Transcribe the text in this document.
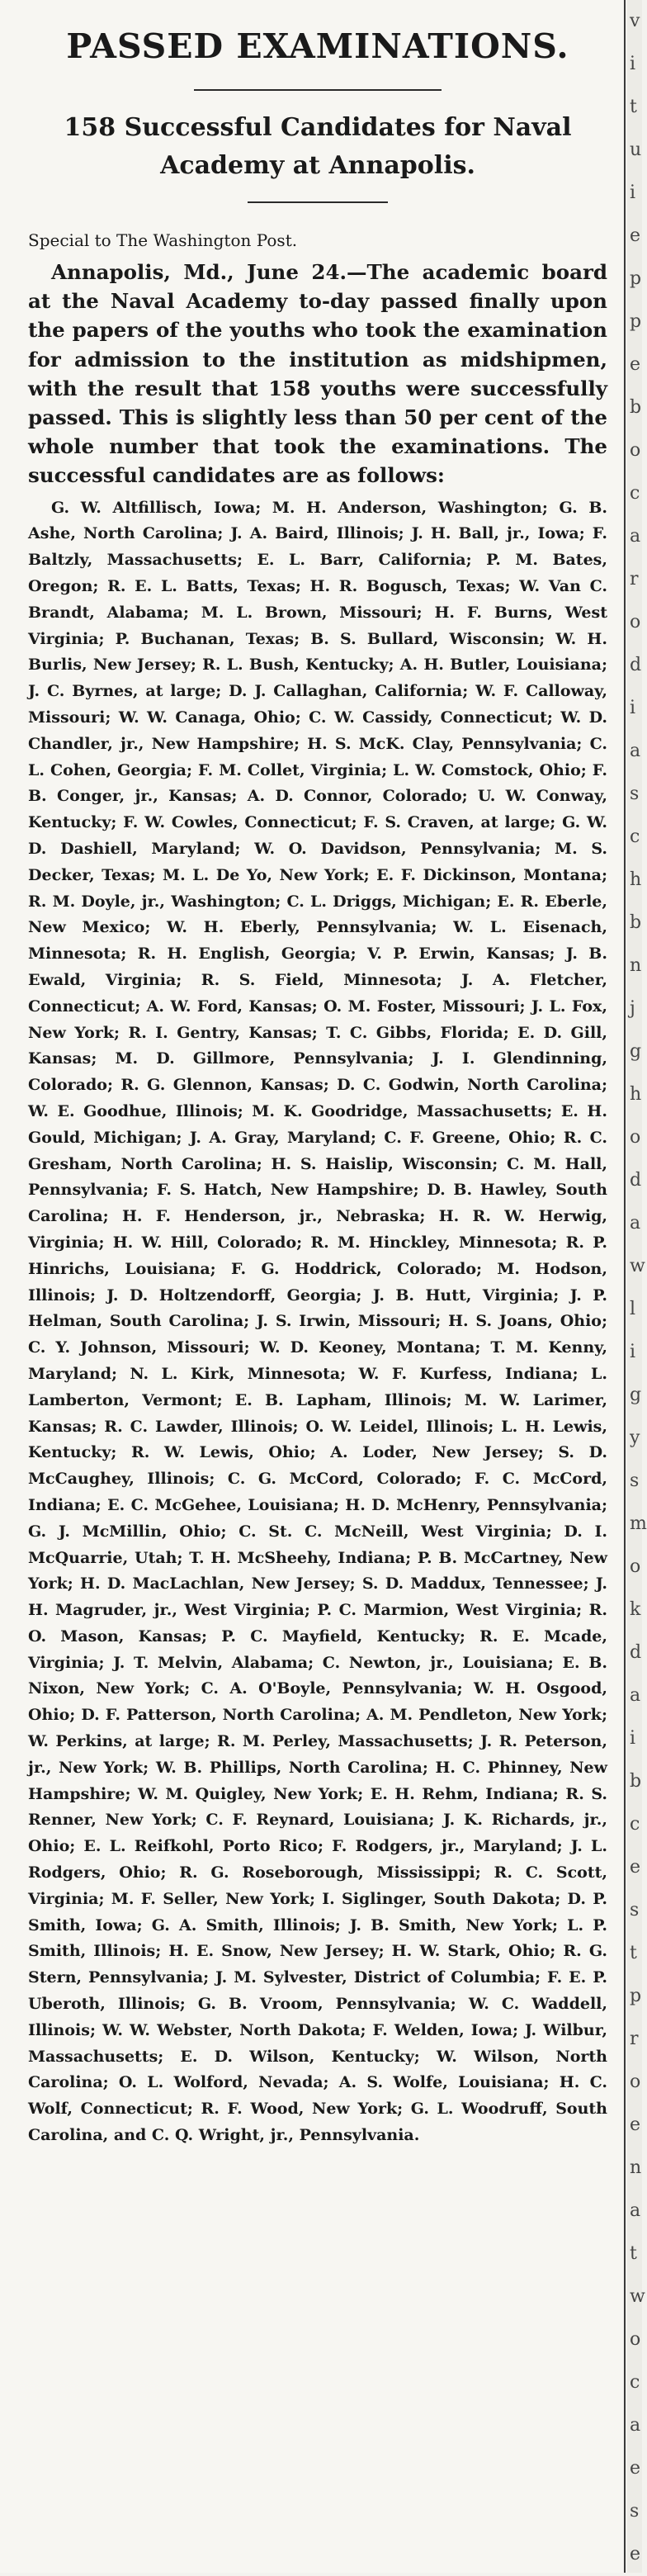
PASSED EXAMINATIONS.
158 Successful Candidates for Naval Academy at Annapolis.
Special to The Washington Post.

Annapolis, Md., June 24.—The academic board at the Naval Academy to-day passed finally upon the papers of the youths who took the examination for admission to the institution as midshipmen, with the result that 158 youths were successfully passed. This is slightly less than 50 per cent of the whole number that took the examinations. The successful candidates are as follows:

G. W. Altfillisch, Iowa; M. H. Anderson, Washington; G. B. Ashe, North Carolina; J. A. Baird, Illinois; J. H. Ball, jr., Iowa; F. Baltzly, Massachusetts; E. L. Barr, California; P. M. Bates, Oregon; R. E. L. Batts, Texas; H. R. Bogusch, Texas; W. Van C. Brandt, Alabama; M. L. Brown, Missouri; H. F. Burns, West Virginia; P. Buchanan, Texas; B. S. Bullard, Wisconsin; W. H. Burlis, New Jersey; R. L. Bush, Kentucky; A. H. Butler, Louisiana; J. C. Byrnes, at large; D. J. Callaghan, California; W. F. Calloway, Missouri; W. W. Canaga, Ohio; C. W. Cassidy, Connecticut; W. D. Chandler, jr., New Hampshire; H. S. McK. Clay, Pennsylvania; C. L. Cohen, Georgia; F. M. Collet, Virginia; L. W. Comstock, Ohio; F. B. Conger, jr., Kansas; A. D. Connor, Colorado; U. W. Conway, Kentucky; F. W. Cowles, Connecticut; F. S. Craven, at large; G. W. D. Dashiell, Maryland; W. O. Davidson, Pennsylvania; M. S. Decker, Texas; M. L. De Yo, New York; E. F. Dickinson, Montana; R. M. Doyle, jr., Washington; C. L. Driggs, Michigan; E. R. Eberle, New Mexico; W. H. Eberly, Pennsylvania; W. L. Eisenach, Minnesota; R. H. English, Georgia; V. P. Erwin, Kansas; J. B. Ewald, Virginia; R. S. Field, Minnesota; J. A. Fletcher, Connecticut; A. W. Ford, Kansas; O. M. Foster, Missouri; J. L. Fox, New York; R. I. Gentry, Kansas; T. C. Gibbs, Florida; E. D. Gill, Kansas; M. D. Gillmore, Pennsylvania; J. I. Glendinning, Colorado; R. G. Glennon, Kansas; D. C. Godwin, North Carolina; W. E. Goodhue, Illinois; M. K. Goodridge, Massachusetts; E. H. Gould, Michigan; J. A. Gray, Maryland; C. F. Greene, Ohio; R. C. Gresham, North Carolina; H. S. Haislip, Wisconsin; C. M. Hall, Pennsylvania; F. S. Hatch, New Hampshire; D. B. Hawley, South Carolina; H. F. Henderson, jr., Nebraska; H. R. W. Herwig, Virginia; H. W. Hill, Colorado; R. M. Hinckley, Minnesota; R. P. Hinrichs, Louisiana; F. G. Hoddrick, Colorado; M. Hodson, Illinois; J. D. Holtzendorff, Georgia; J. B. Hutt, Virginia; J. P. Helman, South Carolina; J. S. Irwin, Missouri; H. S. Joans, Ohio; C. Y. Johnson, Missouri; W. D. Keoney, Montana; T. M. Kenny, Maryland; N. L. Kirk, Minnesota; W. F. Kurfess, Indiana; L. Lamberton, Vermont; E. B. Lapham, Illinois; M. W. Larimer, Kansas; R. C. Lawder, Illinois; O. W. Leidel, Illinois; L. H. Lewis, Kentucky; R. W. Lewis, Ohio; A. Loder, New Jersey; S. D. McCaughey, Illinois; C. G. McCord, Colorado; F. C. McCord, Indiana; E. C. McGehee, Louisiana; H. D. McHenry, Pennsylvania; G. J. McMillin, Ohio; C. St. C. McNeill, West Virginia; D. I. McQuarrie, Utah; T. H. McSheehy, Indiana; P. B. McCartney, New York; H. D. MacLachlan, New Jersey; S. D. Maddux, Tennessee; J. H. Magruder, jr., West Virginia; P. C. Marmion, West Virginia; R. O. Mason, Kansas; P. C. Mayfield, Kentucky; R. E. Mcade, Virginia; J. T. Melvin, Alabama; C. Newton, jr., Louisiana; E. B. Nixon, New York; C. A. O'Boyle, Pennsylvania; W. H. Osgood, Ohio; D. F. Patterson, North Carolina; A. M. Pendleton, New York; W. Perkins, at large; R. M. Perley, Massachusetts; J. R. Peterson, jr., New York; W. B. Phillips, North Carolina; H. C. Phinney, New Hampshire; W. M. Quigley, New York; E. H. Rehm, Indiana; R. S. Renner, New York; C. F. Reynard, Louisiana; J. K. Richards, jr., Ohio; E. L. Reifkohl, Porto Rico; F. Rodgers, jr., Maryland; J. L. Rodgers, Ohio; R. G. Roseborough, Mississippi; R. C. Scott, Virginia; M. F. Seller, New York; I. Siglinger, South Dakota; D. P. Smith, Iowa; G. A. Smith, Illinois; J. B. Smith, New York; L. P. Smith, Illinois; H. E. Snow, New Jersey; H. W. Stark, Ohio; R. G. Stern, Pennsylvania; J. M. Sylvester, District of Columbia; F. E. P. Uberoth, Illinois; G. B. Vroom, Pennsylvania; W. C. Waddell, Illinois; W. W. Webster, North Dakota; F. Welden, Iowa; J. Wilbur, Massachusetts; E. D. Wilson, Kentucky; W. Wilson, North Carolina; O. L. Wolford, Nevada; A. S. Wolfe, Louisiana; H. C. Wolf, Connecticut; R. F. Wood, New York; G. L. Woodruff, South Carolina, and C. Q. Wright, jr., Pennsylvania.

v
i
t
u
i
e
p
p
e
b
o
c
a
r
o
d
i
a
s
c
h
b
n
j
g
h
o
d
a
w
l
i
g
y
s
m
o
k
d
a
i
b
c
e
s
t
p
r
o
e
n
a
t
w
o
c
a
e
s
e
